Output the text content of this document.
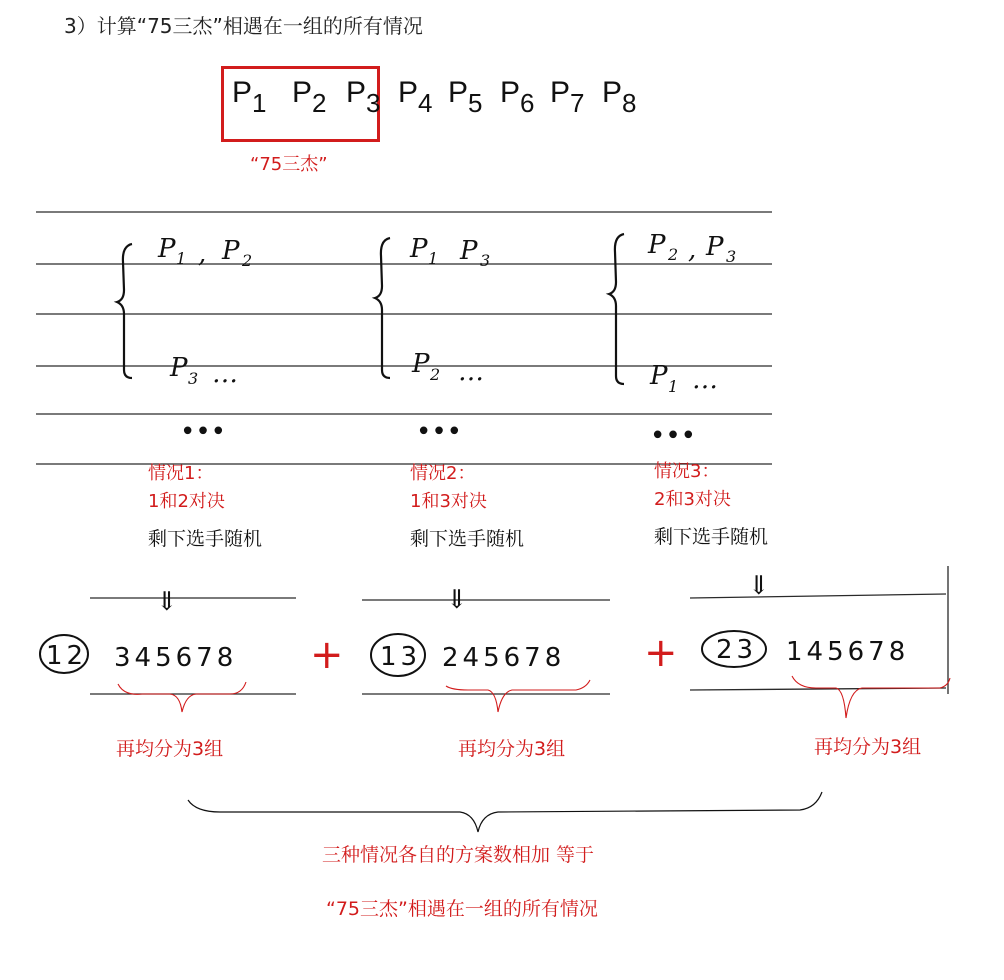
3）计算“75三杰”相遇在一组的所有情况
$P_1$ $P_2$ $P_3$ $P_4$ $P_5$ $P_6$ $P_7$ $P_8$
“75三杰”
P 1 , P 2
P 3 …
•••
P 1 P 3
P 2 …
•••
P 2 , P 3
P 1 …
•••
⇓	⇓	⇓
12	13	23
345678	245678	145678
+	+
情况1：
1和2对决
剩下选手随机
情况2：
1和3对决
剩下选手随机
情况3：
2和3对决
剩下选手随机
再均分为3组	再均分为3组	再均分为3组
三种情况各自的方案数相加 等于
“75三杰”相遇在一组的所有情况
